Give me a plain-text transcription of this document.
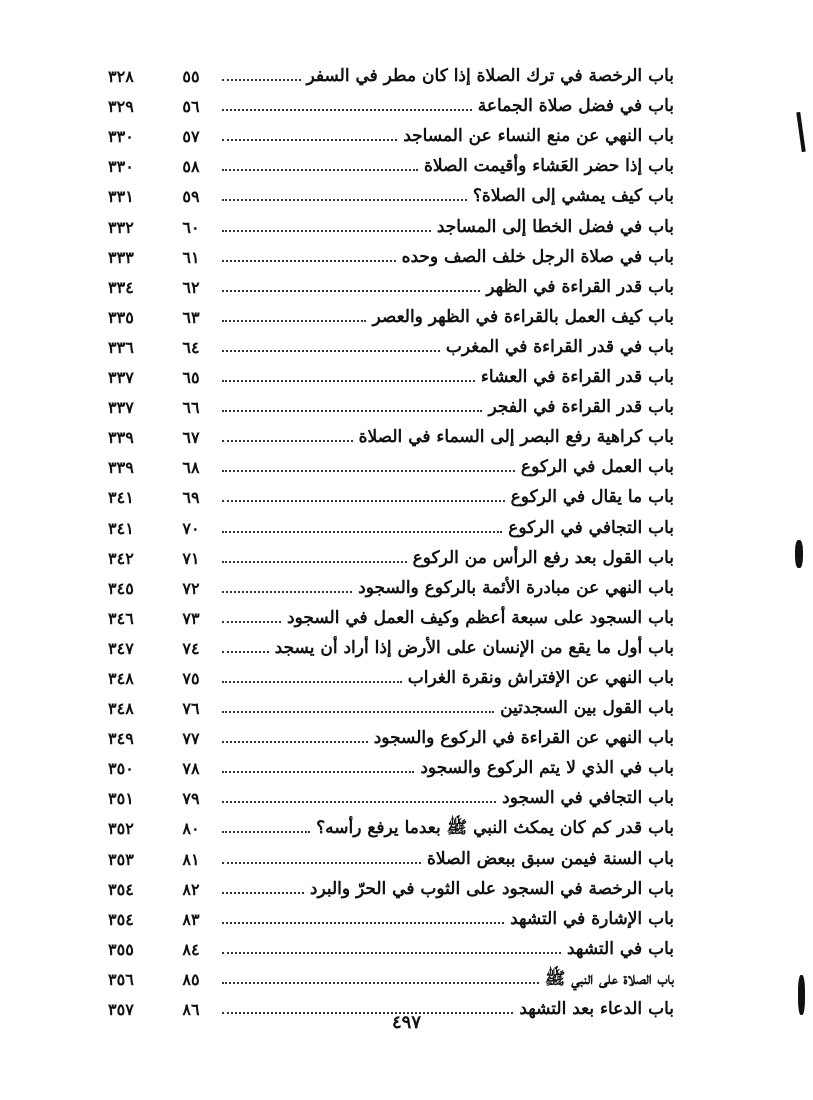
باب الرخصة في ترك الصلاة إذا كان مطر في السفر
٥٥
٣٢٨
باب في فضل صلاة الجماعة
٥٦
٣٢٩
باب النهي عن منع النساء عن المساجد
٥٧
٣٣٠
باب إذا حضر العَشاء وأقيمت الصلاة
٥٨
٣٣٠
باب كيف يمشي إلى الصلاة؟
٥٩
٣٣١
باب في فضل الخطا إلى المساجد
٦٠
٣٣٢
باب في صلاة الرجل خلف الصف وحده
٦١
٣٣٣
باب قدر القراءة في الظهر
٦٢
٣٣٤
باب كيف العمل بالقراءة في الظهر والعصر
٦٣
٣٣٥
باب في قدر القراءة في المغرب
٦٤
٣٣٦
باب قدر القراءة في العشاء
٦٥
٣٣٧
باب قدر القراءة في الفجر
٦٦
٣٣٧
باب كراهية رفع البصر إلى السماء في الصلاة
٦٧
٣٣٩
باب العمل في الركوع
٦٨
٣٣٩
باب ما يقال في الركوع
٦٩
٣٤١
باب التجافي في الركوع
٧٠
٣٤١
باب القول بعد رفع الرأس من الركوع
٧١
٣٤٢
باب النهي عن مبادرة الأئمة بالركوع والسجود
٧٢
٣٤٥
باب السجود على سبعة أعظم وكيف العمل في السجود
٧٣
٣٤٦
باب أول ما يقع من الإنسان على الأرض إذا أراد أن يسجد
٧٤
٣٤٧
باب النهي عن الإفتراش ونقرة الغراب
٧٥
٣٤٨
باب القول بين السجدتين
٧٦
٣٤٨
باب النهي عن القراءة في الركوع والسجود
٧٧
٣٤٩
باب في الذي لا يتم الركوع والسجود
٧٨
٣٥٠
باب التجافي في السجود
٧٩
٣٥١
باب قدر كم كان يمكث النبي ﷺ بعدما يرفع رأسه؟
٨٠
٣٥٢
باب السنة فيمن سبق ببعض الصلاة
٨١
٣٥٣
باب الرخصة في السجود على الثوب في الحرّ والبرد
٨٢
٣٥٤
باب الإشارة في التشهد
٨٣
٣٥٤
باب في التشهد
٨٤
٣٥٥
باب الصلاة على النبي ﷺ
٨٥
٣٥٦
باب الدعاء بعد التشهد
٨٦
٣٥٧
٤٩٧
